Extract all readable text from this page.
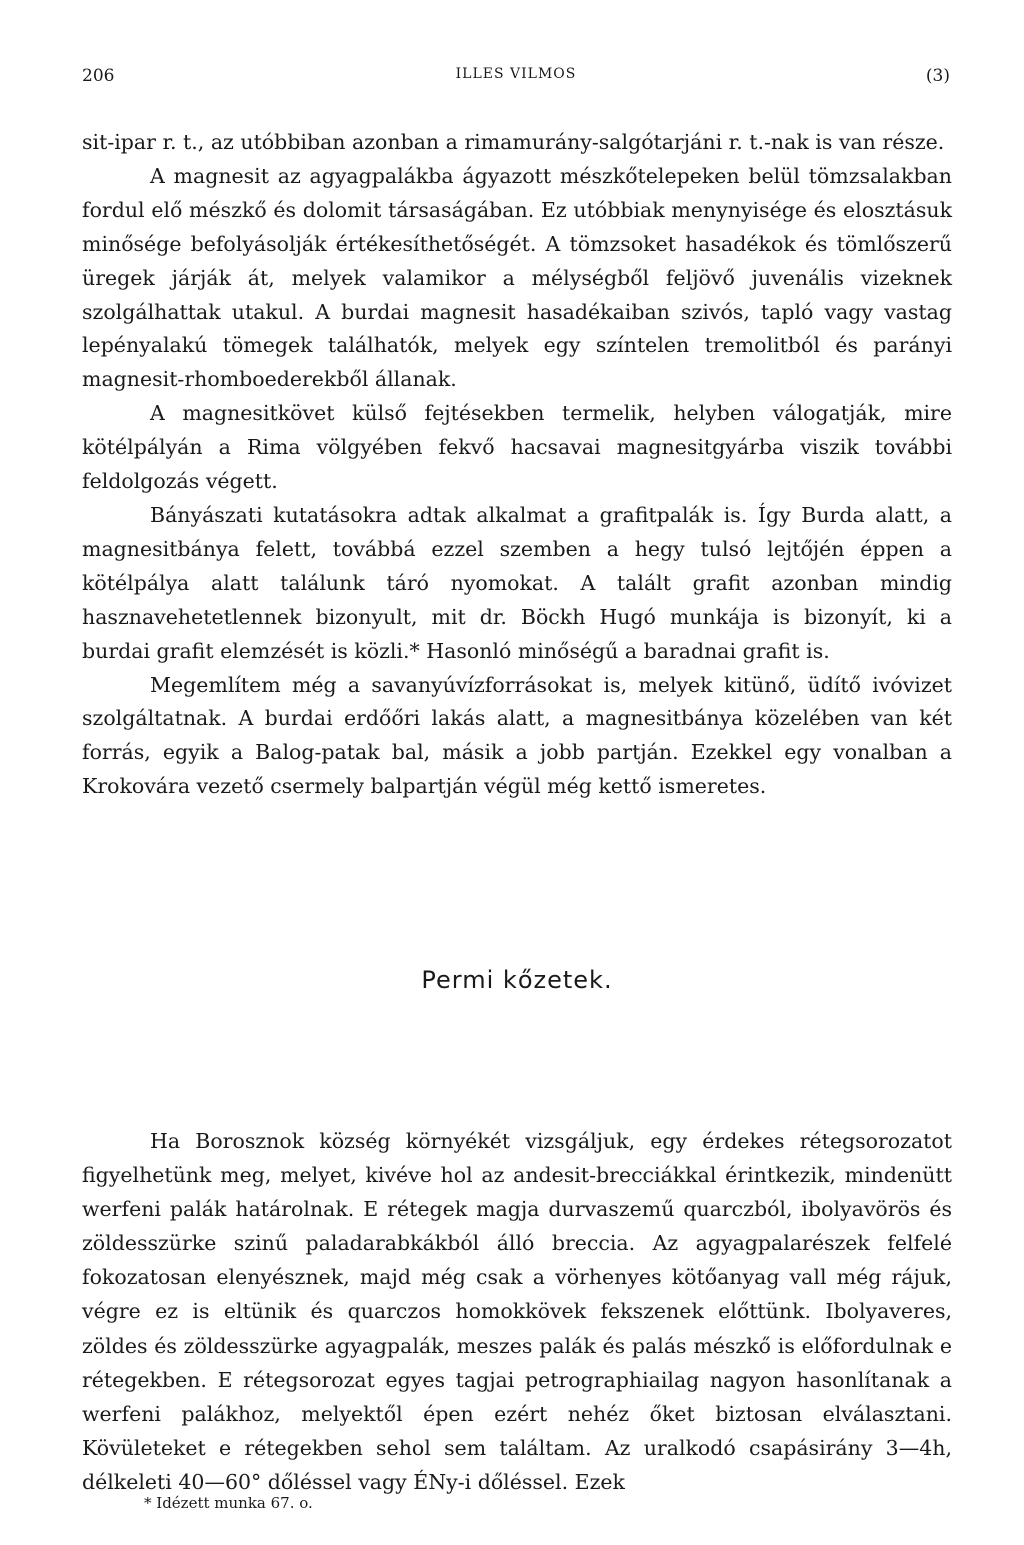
206	ILLES VILMOS	(3)

sit-ipar r. t., az utóbbiban azonban a rimamurány-salgótarjáni r. t.-nak is van része.

A magnesit az agyagpalákba ágyazott mészkőtelepeken belül tömzsalakban fordul elő mészkő és dolomit társaságában. Ez utóbbiak menynyisége és elosztásuk minősége befolyásolják értékesíthetőségét. A tömzsoket hasadékok és tömlőszerű üregek járják át, melyek valamikor a mélységből feljövő juvenális vizeknek szolgálhattak utakul. A burdai magnesit hasadékaiban szivós, tapló vagy vastag lepényalakú tömegek találhatók, melyek egy színtelen tremolitból és parányi magnesit-rhomboederekből állanak.

A magnesitkövet külső fejtésekben termelik, helyben válogatják, mire kötélpályán a Rima völgyében fekvő hacsavai magnesitgyárba viszik további feldolgozás végett.

Bányászati kutatásokra adtak alkalmat a grafitpalák is. Így Burda alatt, a magnesitbánya felett, továbbá ezzel szemben a hegy tulsó lejtőjén éppen a kötélpálya alatt találunk táró nyomokat. A talált grafit azonban mindig hasznavehetetlennek bizonyult, mit dr. Böckh Hugó munkája is bizonyít, ki a burdai grafit elemzését is közli.* Hasonló minőségű a baradnai grafit is.

Megemlítem még a savanyúvízforrásokat is, melyek kitünő, üdítő ivóvizet szolgáltatnak. A burdai erdőőri lakás alatt, a magnesitbánya közelében van két forrás, egyik a Balog-patak bal, másik a jobb partján. Ezekkel egy vonalban a Krokovára vezető csermely balpartján végül még kettő ismeretes.

Permi kőzetek.

Ha Borosznok község környékét vizsgáljuk, egy érdekes rétegsorozatot figyelhetünk meg, melyet, kivéve hol az andesit-brecciákkal érintkezik, mindenütt werfeni palák határolnak. E rétegek magja durvaszemű quarczból, ibolyavörös és zöldesszürke szinű paladarabkákból álló breccia. Az agyagpalarészek felfelé fokozatosan elenyésznek, majd még csak a vörhenyes kötőanyag vall még rájuk, végre ez is eltünik és quarczos homokkövek fekszenek előttünk. Ibolyaveres, zöldes és zöldesszürke agyagpalák, meszes palák és palás mészkő is előfordulnak e rétegekben. E rétegsorozat egyes tagjai petrographiailag nagyon hasonlítanak a werfeni palákhoz, melyektől épen ezért nehéz őket biztosan elválasztani. Kövületeket e rétegekben sehol sem találtam. Az uralkodó csapásirány 3—4h, délkeleti 40—60° dőléssel vagy ÉNy-i dőléssel. Ezek

* Idézett munka 67. o.
